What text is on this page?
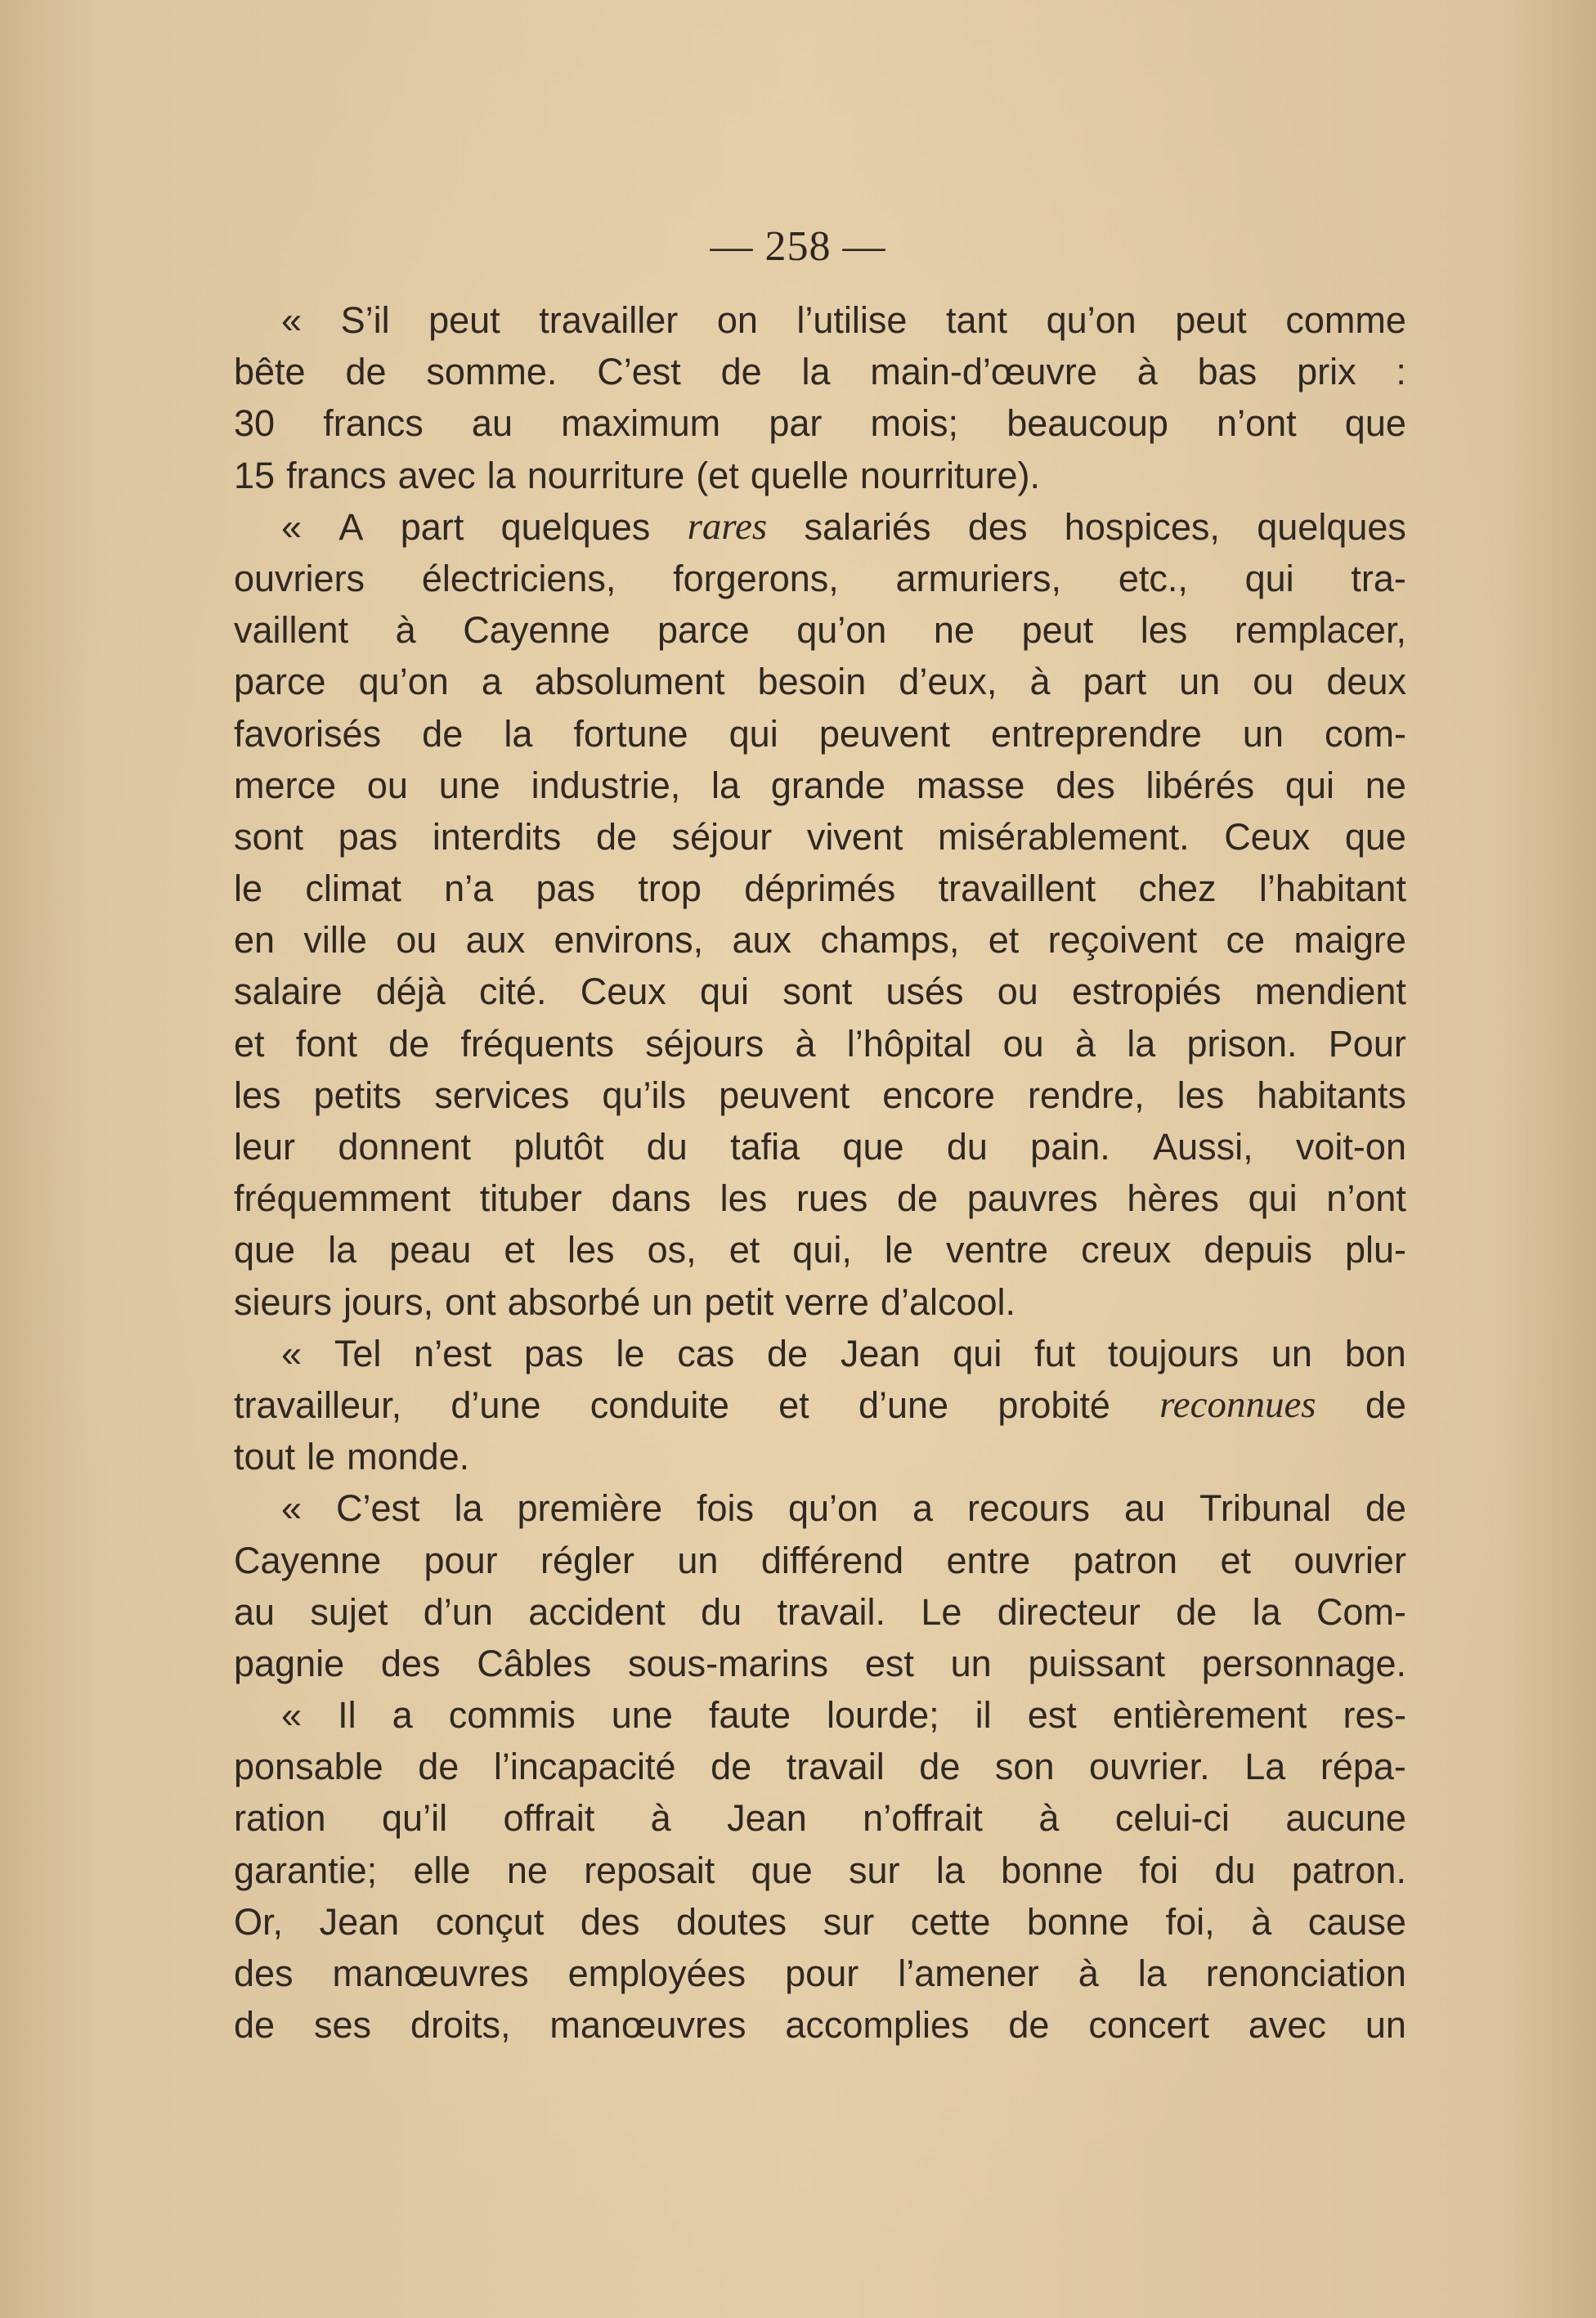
— 258 —
« S’il peut travailler on l’utilise tant qu’on peut comme
bête de somme. C’est de la main-d’œuvre à bas prix :
30 francs au maximum par mois; beaucoup n’ont que
15 francs avec la nourriture (et quelle nourriture).
« A part quelques rares salariés des hospices, quelques
ouvriers électriciens, forgerons, armuriers, etc., qui tra-
vaillent à Cayenne parce qu’on ne peut les remplacer,
parce qu’on a absolument besoin d’eux, à part un ou deux
favorisés de la fortune qui peuvent entreprendre un com-
merce ou une industrie, la grande masse des libérés qui ne
sont pas interdits de séjour vivent misérablement. Ceux que
le climat n’a pas trop déprimés travaillent chez l’habitant
en ville ou aux environs, aux champs, et reçoivent ce maigre
salaire déjà cité. Ceux qui sont usés ou estropiés mendient
et font de fréquents séjours à l’hôpital ou à la prison. Pour
les petits services qu’ils peuvent encore rendre, les habitants
leur donnent plutôt du tafia que du pain. Aussi, voit-on
fréquemment tituber dans les rues de pauvres hères qui n’ont
que la peau et les os, et qui, le ventre creux depuis plu-
sieurs jours, ont absorbé un petit verre d’alcool.
« Tel n’est pas le cas de Jean qui fut toujours un bon
travailleur, d’une conduite et d’une probité reconnues de
tout le monde.
« C’est la première fois qu’on a recours au Tribunal de
Cayenne pour régler un différend entre patron et ouvrier
au sujet d’un accident du travail. Le directeur de la Com-
pagnie des Câbles sous-marins est un puissant personnage.
« Il a commis une faute lourde; il est entièrement res-
ponsable de l’incapacité de travail de son ouvrier. La répa-
ration qu’il offrait à Jean n’offrait à celui-ci aucune
garantie; elle ne reposait que sur la bonne foi du patron.
Or, Jean conçut des doutes sur cette bonne foi, à cause
des manœuvres employées pour l’amener à la renonciation
de ses droits, manœuvres accomplies de concert avec un
